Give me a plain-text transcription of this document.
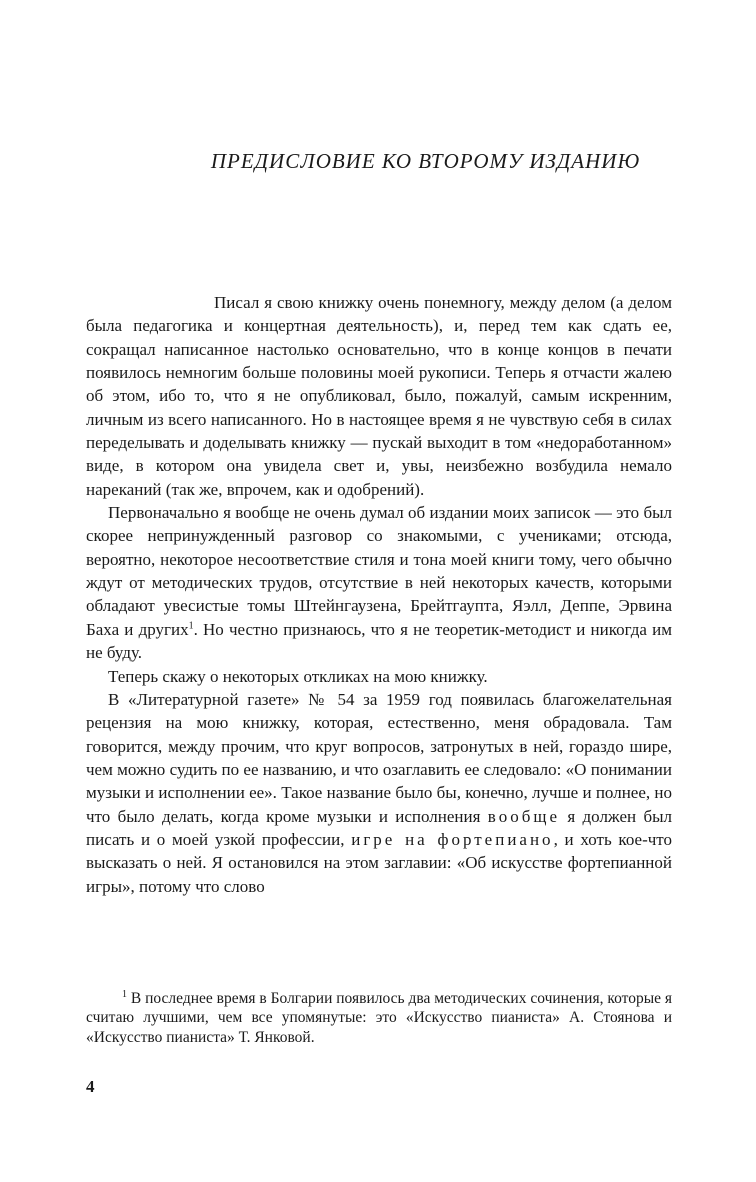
ПРЕДИСЛОВИЕ КО ВТОРОМУ ИЗДАНИЮ

Писал я свою книжку очень понемногу, между делом (а делом была педагогика и концертная деятельность), и, перед тем как сдать ее, сокращал написанное настолько основательно, что в конце концов в печати появилось немногим больше половины моей рукописи. Теперь я отчасти жалею об этом, ибо то, что я не опубликовал, было, пожалуй, самым искренним, личным из всего написанного. Но в настоящее время я не чувствую себя в силах переделывать и доделывать книжку — пускай выходит в том «недоработанном» виде, в котором она увидела свет и, увы, неизбежно возбудила немало нареканий (так же, впрочем, как и одобрений).

Первоначально я вообще не очень думал об издании моих записок — это был скорее непринужденный разговор со знакомыми, с учениками; отсюда, вероятно, некоторое несоответствие стиля и тона моей книги тому, чего обычно ждут от методических трудов, отсутствие в ней некоторых качеств, которыми обладают увесистые томы Штейнгаузена, Брейтгаупта, Яэлл, Деппе, Эрвина Баха и других$^1$. Но честно признаюсь, что я не теоретик-методист и никогда им не буду.

Теперь скажу о некоторых откликах на мою книжку.

В «Литературной газете» № 54 за 1959 год появилась благожелательная рецензия на мою книжку, которая, естественно, меня обрадовала. Там говорится, между прочим, что круг вопросов, затронутых в ней, гораздо шире, чем можно судить по ее названию, и что озаглавить ее следовало: «О понимании музыки и исполнении ее». Такое название было бы, конечно, лучше и полнее, но что было делать, когда кроме музыки и исполнения вообще я должен был писать и о моей узкой профессии, игре на фортепиано, и хоть кое-что высказать о ней. Я остановился на этом заглавии: «Об искусстве фортепианной игры», потому что слово

$^1$ В последнее время в Болгарии появилось два методических сочинения, которые я считаю лучшими, чем все упомянутые: это «Искусство пианиста» А. Стоянова и «Искусство пианиста» Т. Янковой.

4
